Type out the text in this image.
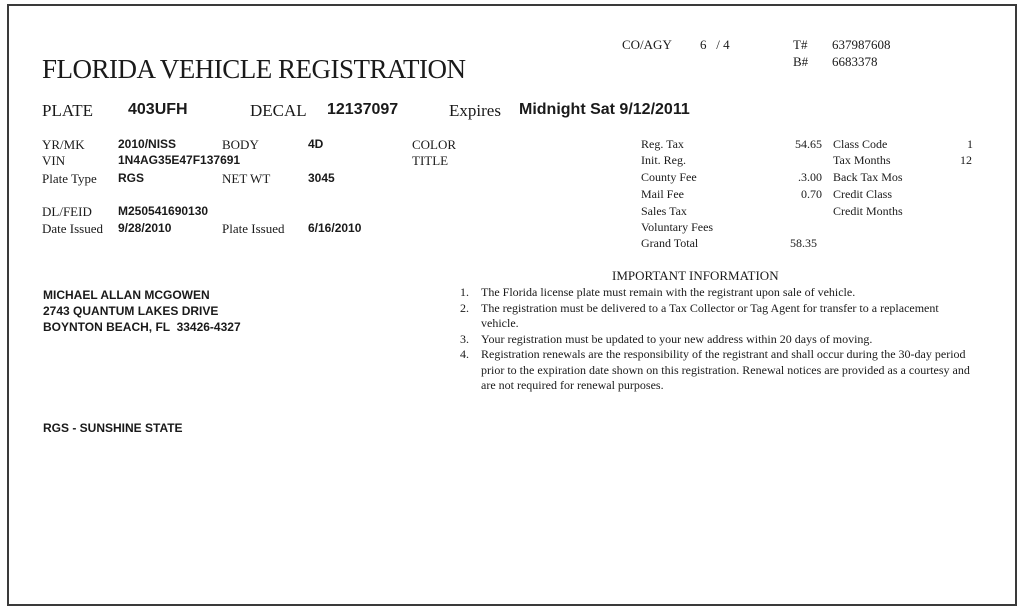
FLORIDA VEHICLE REGISTRATION
CO/AGY 6   / 4	T# 637987608
B# 6683378
PLATE 403UFH	DECAL 12137097	Expires Midnight Sat 9/12/2011
YR/MK	2010/NISS	BODY	4D	COLOR
VIN	1N4AG35E47F137691	TITLE
Plate Type RGS	NET WT	3045
DL/FEID M250541690130
Date Issued 9/28/2010	Plate Issued 6/16/2010
Reg. Tax	54.65
Init. Reg.
County Fee	.3.00
Mail Fee	0.70
Sales Tax
Voluntary Fees
Grand Total	58.35
Class Code	1
Tax Months	12
Back Tax Mos
Credit Class
Credit Months
MICHAEL ALLAN MCGOWEN
2743 QUANTUM LAKES DRIVE
BOYNTON BEACH, FL  33426-4327
RGS - SUNSHINE STATE
IMPORTANT INFORMATION
1. The Florida license plate must remain with the registrant upon sale of vehicle.
2. The registration must be delivered to a Tax Collector or Tag Agent for transfer to a replacement vehicle.
3. Your registration must be updated to your new address within 20 days of moving.
4. Registration renewals are the responsibility of the registrant and shall occur during the 30-day period prior to the expiration date shown on this registration. Renewal notices are provided as a courtesy and are not required for renewal purposes.
